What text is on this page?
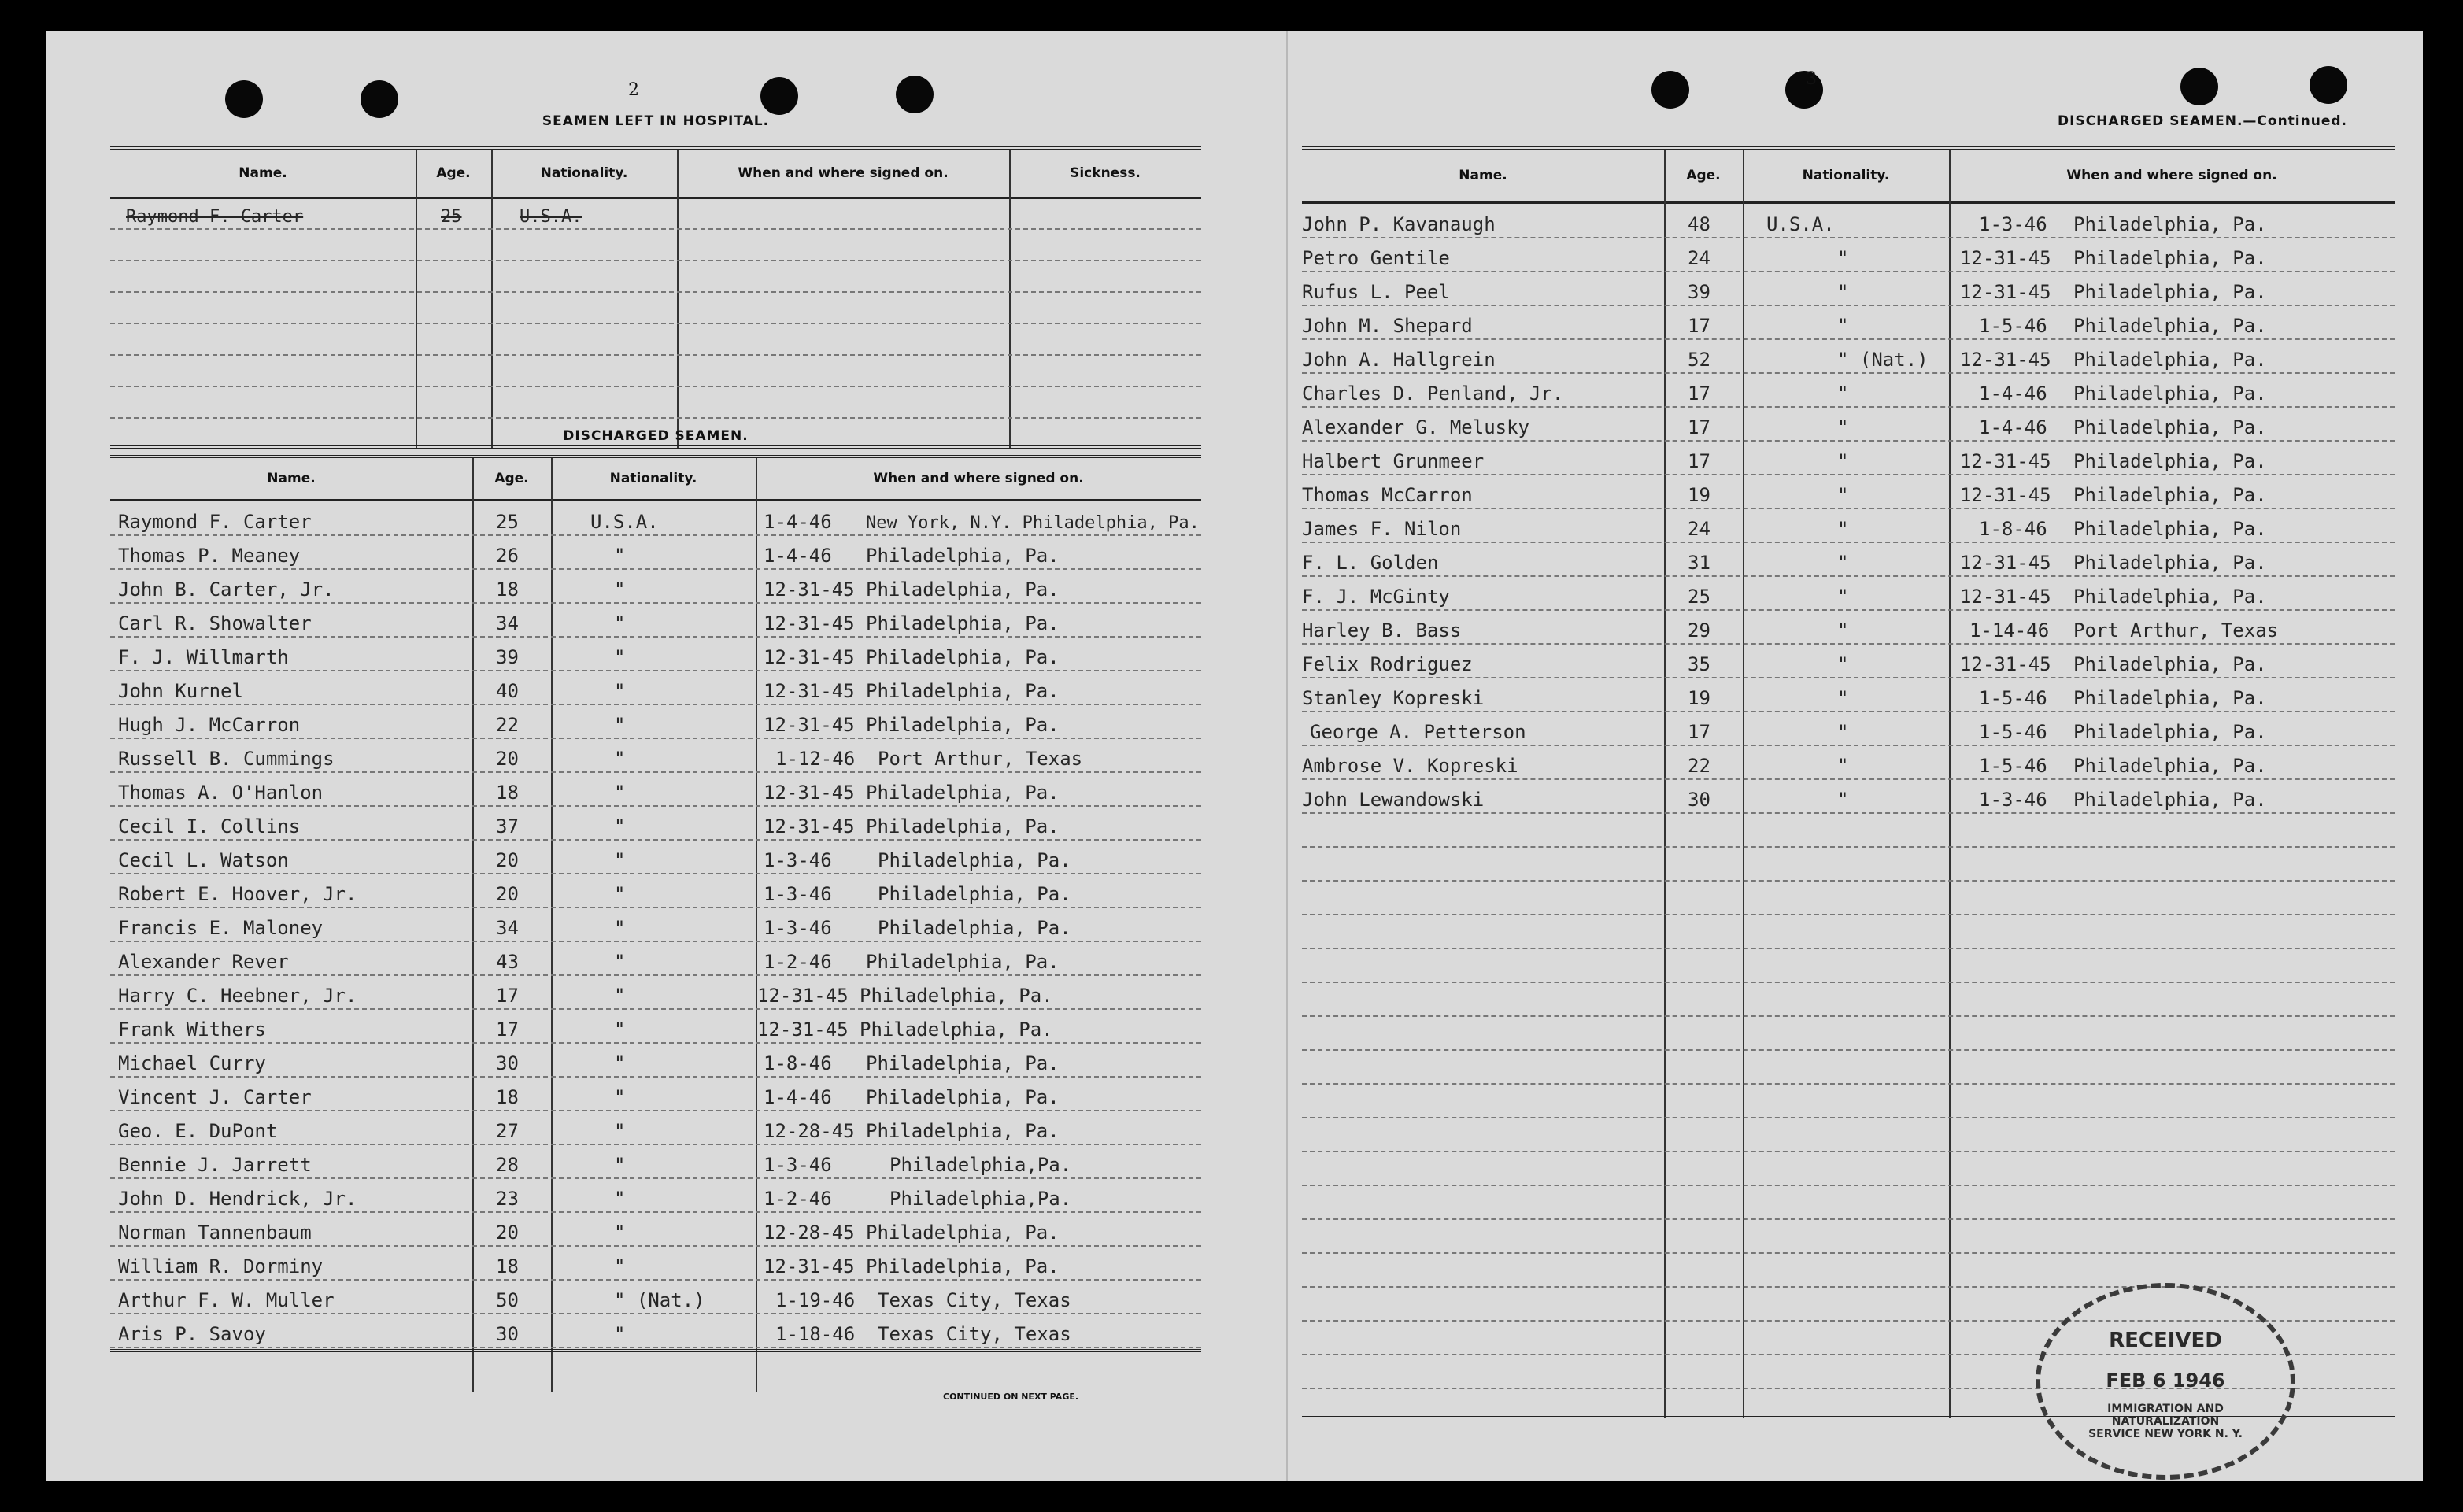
2
SEAMEN LEFT IN HOSPITAL.
Name.	Age.	Nationality.	When and where signed on.	Sickness.
Raymond F. Carter	25	U.S.A.
DISCHARGED SEAMEN.
Name.	Age.	Nationality.	When and where signed on.
Raymond F. Carter	25	U.S.A.	1-4-46 New York, N.Y. Philadelphia, Pa.
Thomas P. Meaney	26	"	1-4-46 Philadelphia, Pa.
John B. Carter, Jr.	18	"	12-31-45 Philadelphia, Pa.
Carl R. Showalter	34	"	12-31-45 Philadelphia, Pa.
F. J. Willmarth	39	"	12-31-45 Philadelphia, Pa.
John Kurnel	40	"	12-31-45 Philadelphia, Pa.
Hugh J. McCarron	22	"	12-31-45 Philadelphia, Pa.
Russell B. Cummings	20	"	1-12-46 Port Arthur, Texas
Thomas A. O'Hanlon	18	"	12-31-45 Philadelphia, Pa.
Cecil I. Collins	37	"	12-31-45 Philadelphia, Pa.
Cecil L. Watson	20	"	1-3-46 Philadelphia, Pa.
Robert E. Hoover, Jr.	20	"	1-3-46 Philadelphia, Pa.
Francis E. Maloney	34	"	1-3-46 Philadelphia, Pa.
Alexander Rever	43	"	1-2-46 Philadelphia, Pa.
Harry C. Heebner, Jr.	17	"	12-31-45 Philadelphia, Pa.
Frank Withers	17	"	12-31-45 Philadelphia, Pa.
Michael Curry	30	"	1-8-46 Philadelphia, Pa.
Vincent J. Carter	18	"	1-4-46 Philadelphia, Pa.
Geo. E. DuPont	27	"	12-28-45 Philadelphia, Pa.
Bennie J. Jarrett	28	"	1-3-46	Philadelphia,Pa.
John D. Hendrick, Jr.	23	"	1-2-46	Philadelphia,Pa.
Norman Tannenbaum	20	"	12-28-45 Philadelphia, Pa.
William R. Dorminy	18	"	12-31-45 Philadelphia, Pa.
Arthur F. W. Muller	50	" (Nat.)	1-19-46 Texas City, Texas
Aris P. Savoy	30	"	1-18-46 Texas City, Texas
CONTINUED ON NEXT PAGE.
3
DISCHARGED SEAMEN.—Continued.
Name.	Age.	Nationality.	When and where signed on.
John P. Kavanaugh	48	U.S.A.	1-3-46 Philadelphia, Pa.
Petro Gentile	24	"	12-31-45 Philadelphia, Pa.
Rufus L. Peel	39	"	12-31-45 Philadelphia, Pa.
John M. Shepard	17	"	1-5-46 Philadelphia, Pa.
John A. Hallgrein	52	" (Nat.) 12-31-45 Philadelphia, Pa.
Charles D. Penland, Jr.	17	"	1-4-46 Philadelphia, Pa.
Alexander G. Melusky	17	"	1-4-46 Philadelphia, Pa.
Halbert Grunmeer	17	"	12-31-45 Philadelphia, Pa.
Thomas McCarron	19	"	12-31-45 Philadelphia, Pa.
James F. Nilon	24	"	1-8-46 Philadelphia, Pa.
F. L. Golden	31	"	12-31-45 Philadelphia, Pa.
F. J. McGinty	25	"	12-31-45 Philadelphia, Pa.
Harley B. Bass	29	"	1-14-46 Port Arthur, Texas
Felix Rodriguez	35	"	12-31-45 Philadelphia, Pa.
Stanley Kopreski	19	"	1-5-46 Philadelphia, Pa.
George A. Petterson	17	"	1-5-46 Philadelphia, Pa.
Ambrose V. Kopreski	22	"	1-5-46 Philadelphia, Pa.
John Lewandowski	30	"	1-3-46 Philadelphia, Pa.
RECEIVED
FEB 6 1946
IMMIGRATION AND NATURALIZATION SERVICE NEW YORK N. Y.
